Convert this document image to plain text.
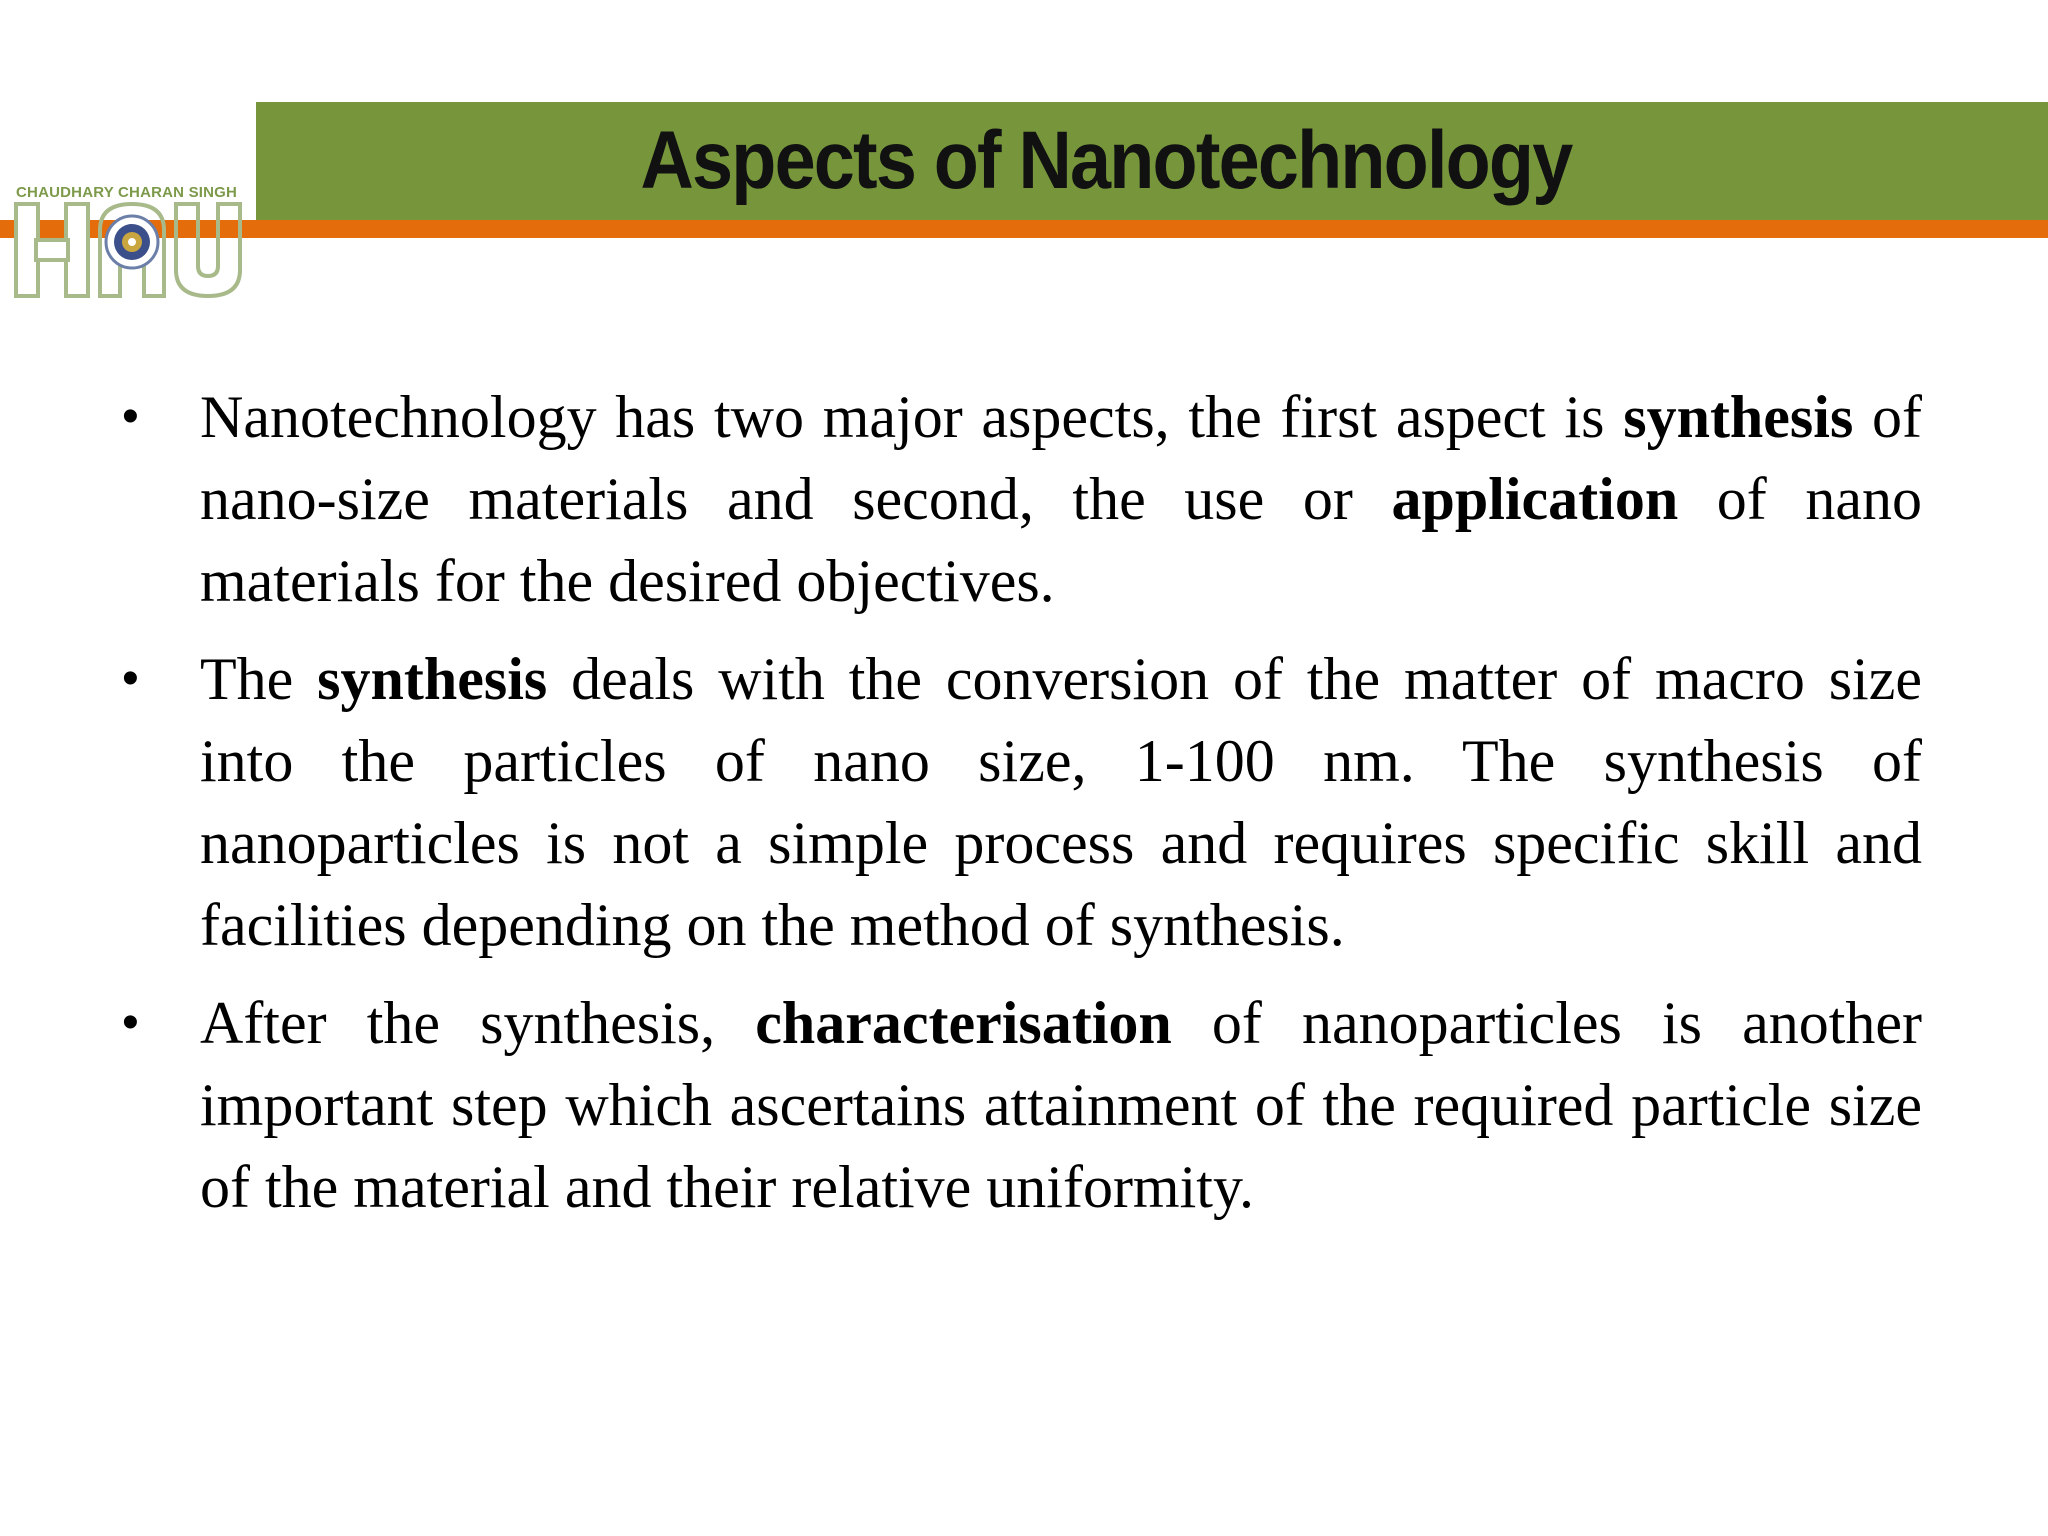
CHAUDHARY CHARAN SINGH	Aspects of Nanotechnology
• Nanotechnology has two major aspects, the first aspect is synthesis of nano-size materials and second, the use or application of nano materials for the desired objectives.
• The synthesis deals with the conversion of the matter of macro size into the particles of nano size, 1-100 nm. The synthesis of nanoparticles is not a simple process and requires specific skill and facilities depending on the method of synthesis.
• After the synthesis, characterisation of nanoparticles is another important step which ascertains attainment of the required particle size of the material and their relative uniformity.
